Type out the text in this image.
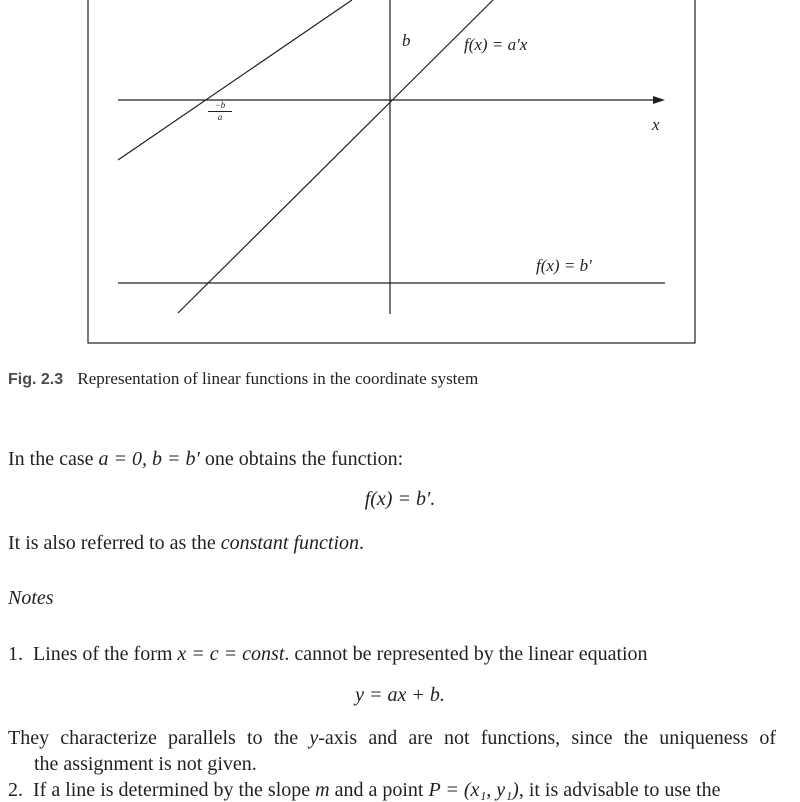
b	f(x) = a′x
x
f(x) = b′
$\frac{-b}{a}$
Fig. 2.3 Representation of linear functions in the coordinate system
In the case a = 0, b = b′ one obtains the function:
f(x) = b′.
It is also referred to as the constant function.
Notes
1. Lines of the form x = c = const. cannot be represented by the linear equation
y = ax + b.
They characterize parallels to the y-axis and are not functions, since the uniqueness of
the assignment is not given.
2. If a line is determined by the slope m and a point P = (x₁, y₁), it is advisable to use the
